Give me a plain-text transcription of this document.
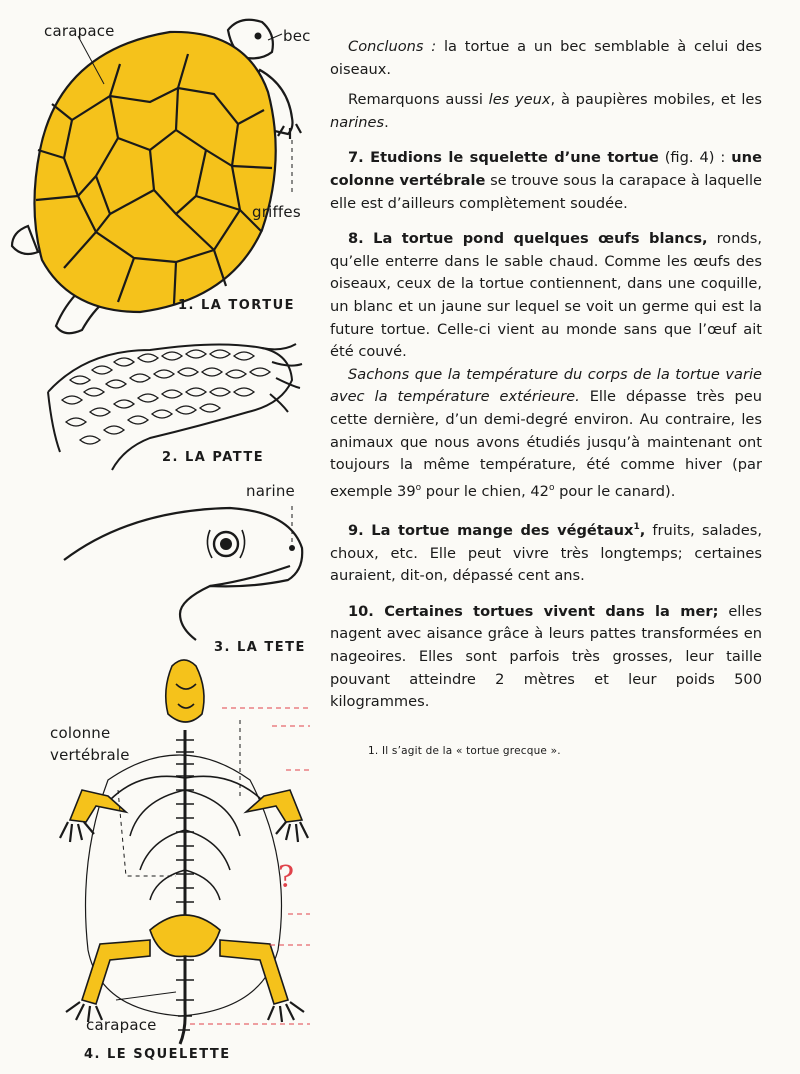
carapace	bec
griffes
1. LA TORTUE
2. LA PATTE
narine
3. LA TETE
colonne
vertébrale
carapace
?
4. LE SQUELETTE

Concluons : la tortue a un bec semblable à celui des oiseaux.

Remarquons aussi les yeux, à paupières mobiles, et les narines.

7. Etudions le squelette d’une tortue (fig. 4) : une colonne vertébrale se trouve sous la carapace à laquelle elle est d’ailleurs complètement soudée.

8. La tortue pond quelques œufs blancs, ronds, qu’elle enterre dans le sable chaud. Comme les œufs des oiseaux, ceux de la tortue contiennent, dans une coquille, un blanc et un jaune sur lequel se voit un germe qui est la future tortue. Celle-ci vient au monde sans que l’œuf ait été couvé.

Sachons que la température du corps de la tortue varie avec la température extérieure. Elle dépasse très peu cette dernière, d’un demi-degré environ. Au contraire, les animaux que nous avons étudiés jusqu’à maintenant ont toujours la même température, été comme hiver (par exemple 39$^o$ pour le chien, 42$^o$ pour le canard).

9. La tortue mange des végétaux$^1$, fruits, salades, choux, etc. Elle peut vivre très longtemps; certaines auraient, dit-on, dépassé cent ans.

10. Certaines tortues vivent dans la mer; elles nagent avec aisance grâce à leurs pattes transformées en nageoires. Elles sont parfois très grosses, leur taille pouvant atteindre 2 mètres et leur poids 500 kilogrammes.

1. Il s’agit de la « tortue grecque ».
